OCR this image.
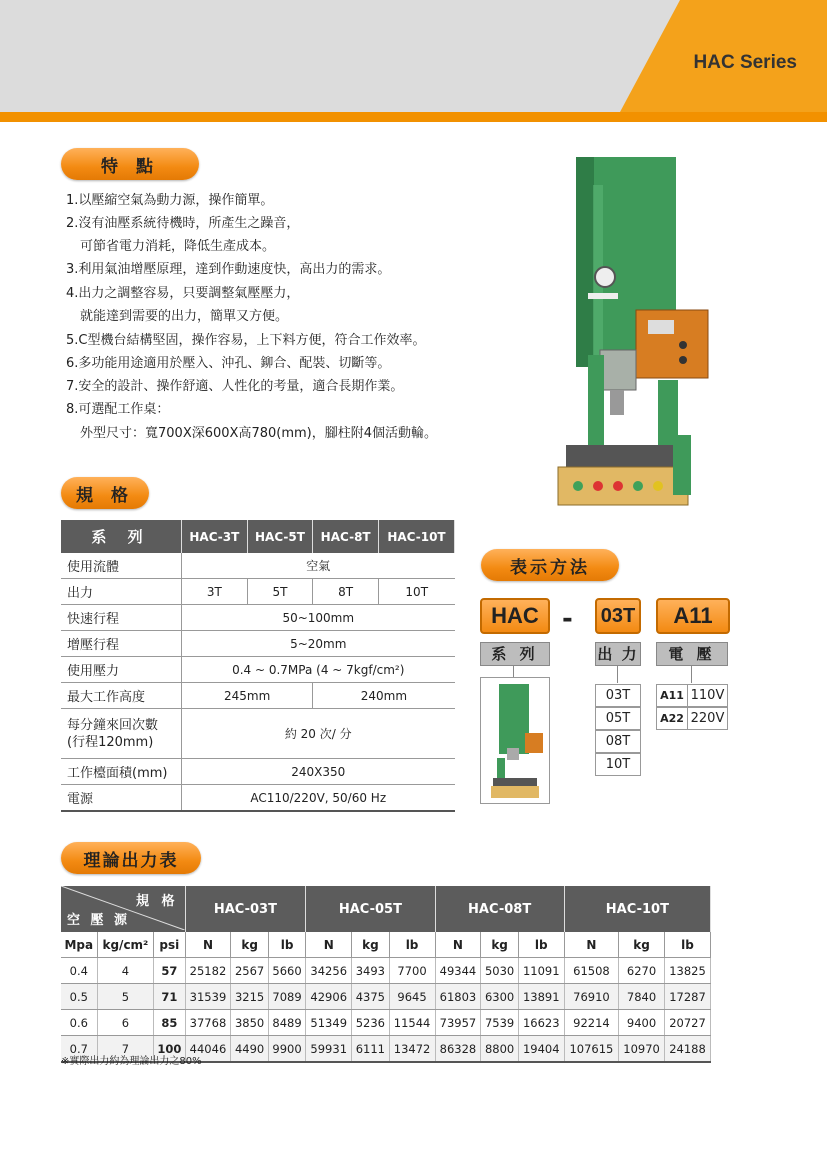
HAC Series
特 點
1.以壓縮空氣為動力源，操作簡單。
2.沒有油壓系統待機時，所產生之躁音，
可節省電力消耗，降低生產成本。
3.利用氣油增壓原理，達到作動速度快，高出力的需求。
4.出力之調整容易，只要調整氣壓壓力，
就能達到需要的出力，簡單又方便。
5.C型機台結構堅固，操作容易，上下料方便，符合工作效率。
6.多功能用途適用於壓入、沖孔、鉚合、配裝、切斷等。
7.安全的設計、操作舒適、人性化的考量，適合長期作業。
8.可選配工作桌：
外型尺寸：寬700X深600X高780(mm)，腳柱附4個活動輪。
規 格
系 列	HAC-3T	HAC-5T	HAC-8T	HAC-10T
使用流體	空氣			
出力	3T	5T	8T	10T
快速行程	50~100mm			
增壓行程	5~20mm			
使用壓力	0.4 ~ 0.7MPa (4 ~ 7kgf/cm²)			
最大工作高度	245mm		240mm	
每分鐘來回次數
(行程120mm)	約 20 次/ 分			
工作檯面積(mm)	240X350			
電源	AC110/220V, 50/60 Hz			
表示方法
HAC - 03T	A11
系 列	出 力	電 壓
03T
05T
08T
10T
A11 110V
A22 220V
理論出力表
規 格
空 壓 源			HAC-03T			HAC-05T			HAC-08T			HAC-10T		
Mpa	kg/cm²	psi	N	kg	lb	N	kg	lb	N	kg	lb	N	kg	lb
0.4	4	57	25182	2567	5660	34256	3493	7700	49344	5030	11091	61508	6270	13825
0.5	5	71	31539	3215	7089	42906	4375	9645	61803	6300	13891	76910	7840	17287
0.6	6	85	37768	3850	8489	51349	5236	11544	73957	7539	16623	92214	9400	20727
0.7	7	100	44046	4490	9900	59931	6111	13472	86328	8800	19404	107615	10970	24188
※實際出力約為理論出力之80%
